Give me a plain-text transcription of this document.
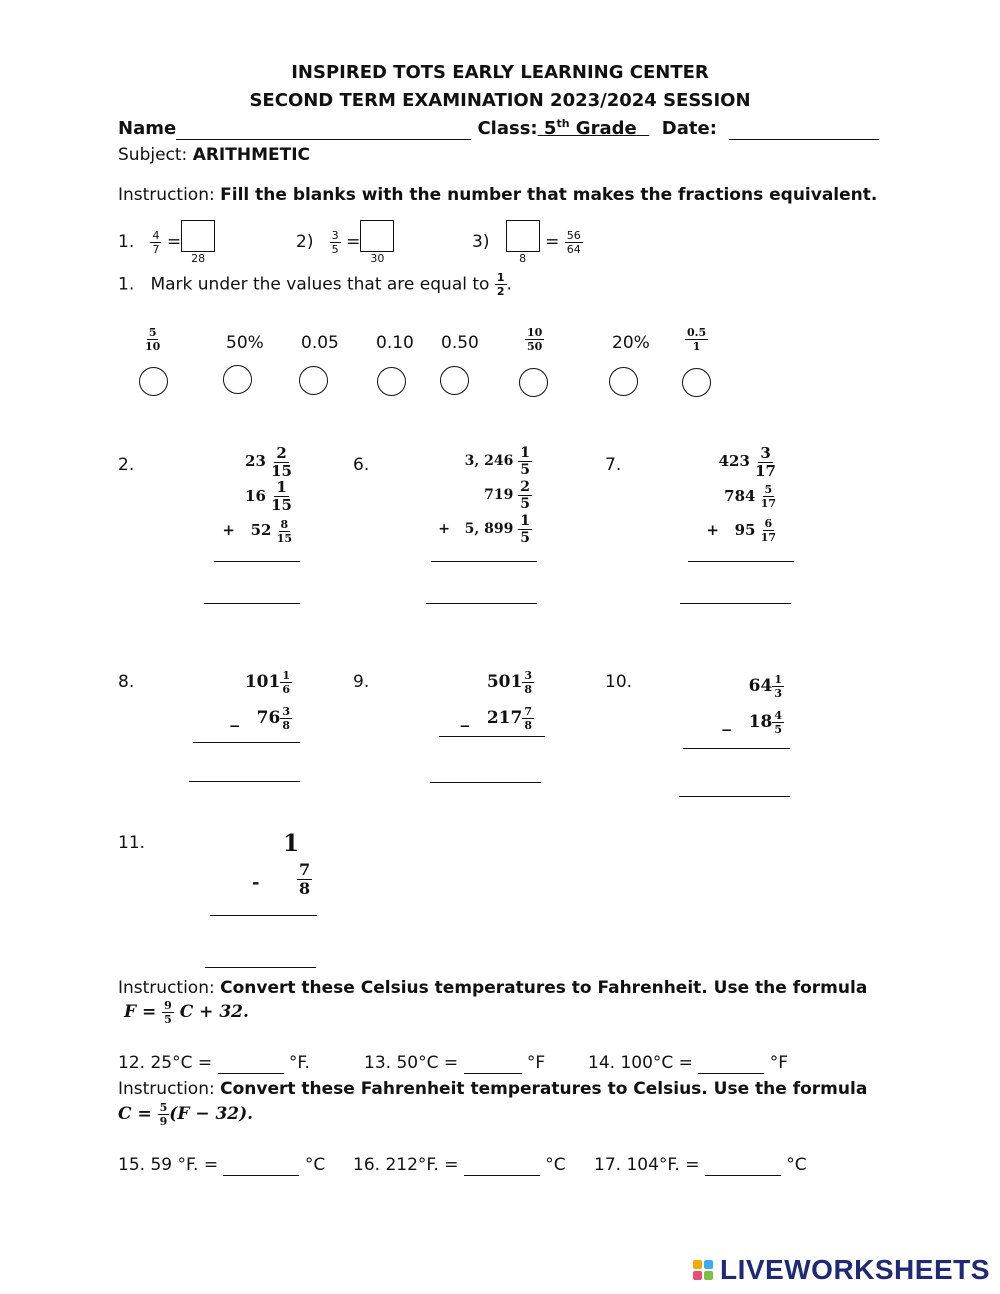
INSPIRED TOTS EARLY LEARNING CENTER
SECOND TERM EXAMINATION 2023/2024 SESSION
Name	Class: 5th Grade Date:
Subject: ARITHMETIC
Instruction: Fill the blanks with the number that makes the fractions equivalent.
1. $\frac{4}{7}$ =
28
$2) \frac{3}{5}$ =
30
3)
8
= $\frac{56}{64}$
1. Mark under the values that are equal to $\frac{1}{2}$ .
$\frac{5}{10}$	50% 0.05 0.10 0.50	$\frac{10}{50}$	20%	$\frac{0.5}{1}$
2.	$23 \frac{2}{15}$
$16 \frac{1}{15}$
+ $52 \frac{8}{15}$
6.	3, $246 \frac{1}{5}$
$719 \frac{2}{5}$
+ 5, $899 \frac{1}{5}$
7.	$423 \frac{3}{17}$
$784 \frac{5}{17}$
+ $95 \frac{6}{17}$
8.	$101 \frac{1}{6}$
_ $76 \frac{3}{8}$
9.	$501 \frac{3}{8}$
_ $217 \frac{7}{8}$
10.	$64 \frac{1}{3}$
_ $18 \frac{4}{5}$
11.	1
- $\frac{7}{8}$
Instruction: Convert these Celsius temperatures to Fahrenheit. Use the formula
$F = \frac{9}{5}$ C + 32.
12. 25°C =	°F.	13. 50°C =	°F	14. 100°C =	°F
Instruction: Convert these Fahrenheit temperatures to Celsius. Use the formula
$C = \frac{5}{9} (F - 32)$.
15. 59 °F. =	°C 16. 212°F. =	°C 17. 104°F. =	°C
LIVEWORKSHEETS
